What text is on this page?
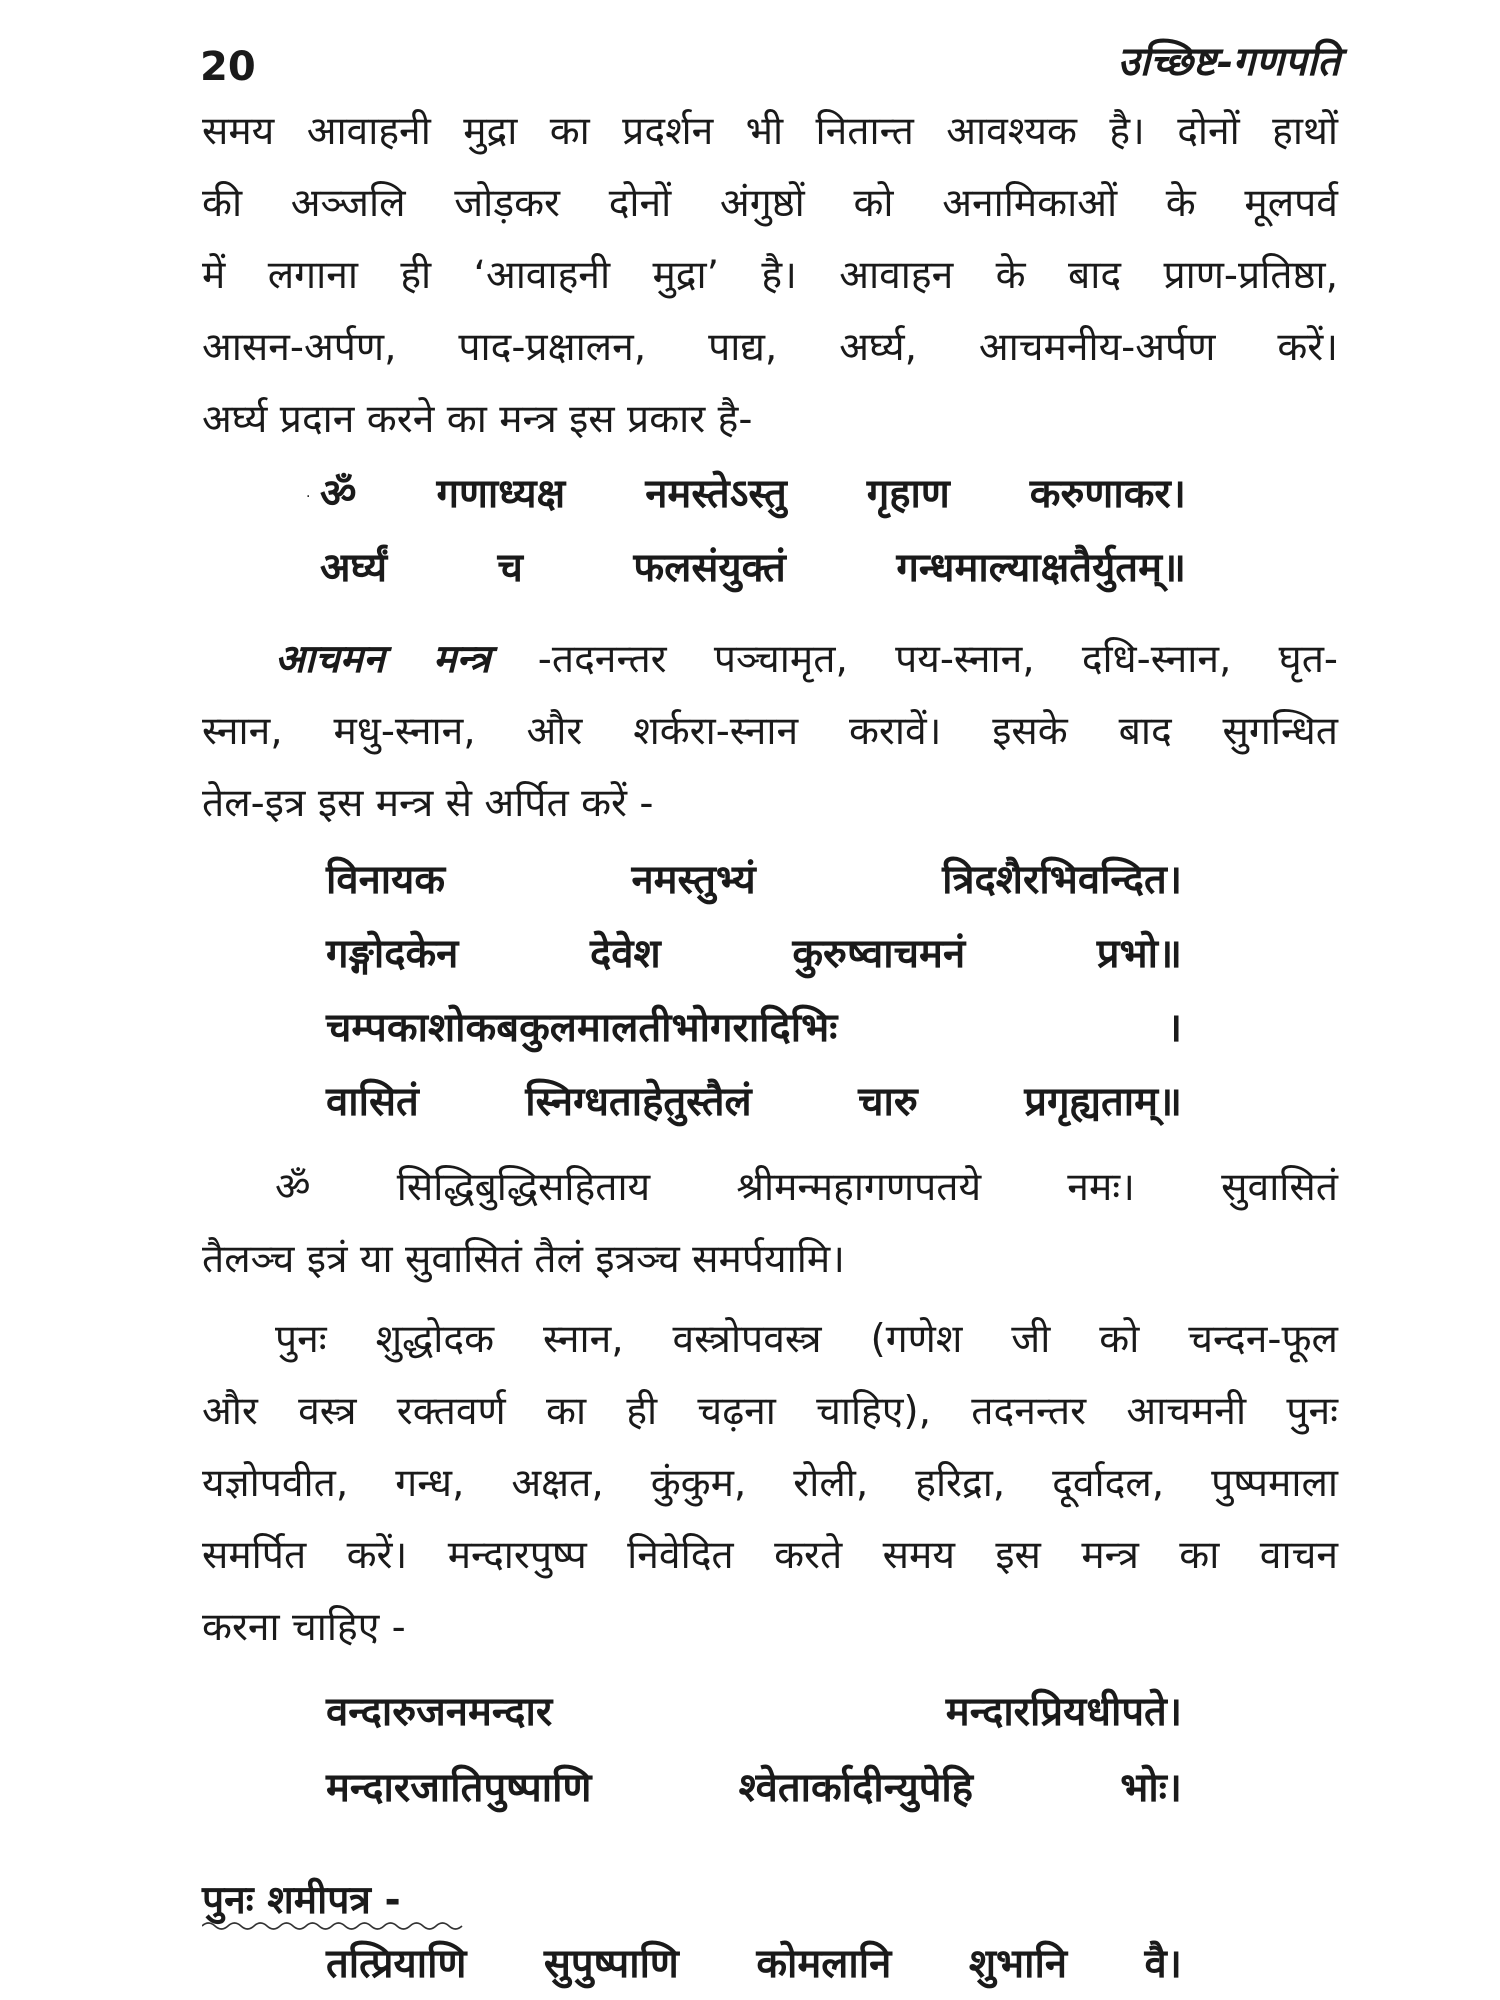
20	उच्छिष्ट-गणपति
समय आवाहनी मुद्रा का प्रदर्शन भी नितान्त आवश्यक है। दोनों हाथों
की अञ्जलि जोड़कर दोनों अंगुष्ठों को अनामिकाओं के मूलपर्व
में लगाना ही ‘आवाहनी मुद्रा’ है। आवाहन के बाद प्राण-प्रतिष्ठा,
आसन-अर्पण, पाद-प्रक्षालन, पाद्य, अर्घ्य, आचमनीय-अर्पण करें।
अर्घ्य प्रदान करने का मन्त्र इस प्रकार है-
· ॐ गणाध्यक्ष नमस्तेऽस्तु गृहाण करुणाकर।
अर्घ्यं	च	फलसंयुक्तं	गन्धमाल्याक्षतैर्युतम्॥
आचमन मन्त्र -तदनन्तर पञ्चामृत, पय-स्नान, दधि-स्नान, घृत-
स्नान, मधु-स्नान, और शर्करा-स्नान करावें। इसके बाद सुगन्धित
तेल-इत्र इस मन्त्र से अर्पित करें -
विनायक	नमस्तुभ्यं	त्रिदशैरभिवन्दित।
गङ्गोदकेन	देवेश	कुरुष्वाचमनं	प्रभो॥
चम्पकाशोकबकुलमालतीभोगरादिभिः	।
वासितं	स्निग्धताहेतुस्तैलं	चारु	प्रगृह्यताम्॥
ॐ सिद्धिबुद्धिसहिताय श्रीमन्महागणपतये नमः। सुवासितं
तैलञ्च इत्रं या सुवासितं तैलं इत्रञ्च समर्पयामि।
पुनः शुद्धोदक स्नान, वस्त्रोपवस्त्र (गणेश जी को चन्दन-फूल
और वस्त्र रक्तवर्ण का ही चढ़ना चाहिए), तदनन्तर आचमनी पुनः
यज्ञोपवीत, गन्ध, अक्षत, कुंकुम, रोली, हरिद्रा, दूर्वादल, पुष्पमाला
समर्पित करें। मन्दारपुष्प निवेदित करते समय इस मन्त्र का वाचन
करना चाहिए -
वन्दारुजनमन्दार	मन्दारप्रियधीपते।
मन्दारजातिपुष्पाणि	श्वेतार्कादीन्युपेहि	भोः।
पुनः शमीपत्र -
तत्प्रियाणि सुपुष्पाणि कोमलानि शुभानि वै।
